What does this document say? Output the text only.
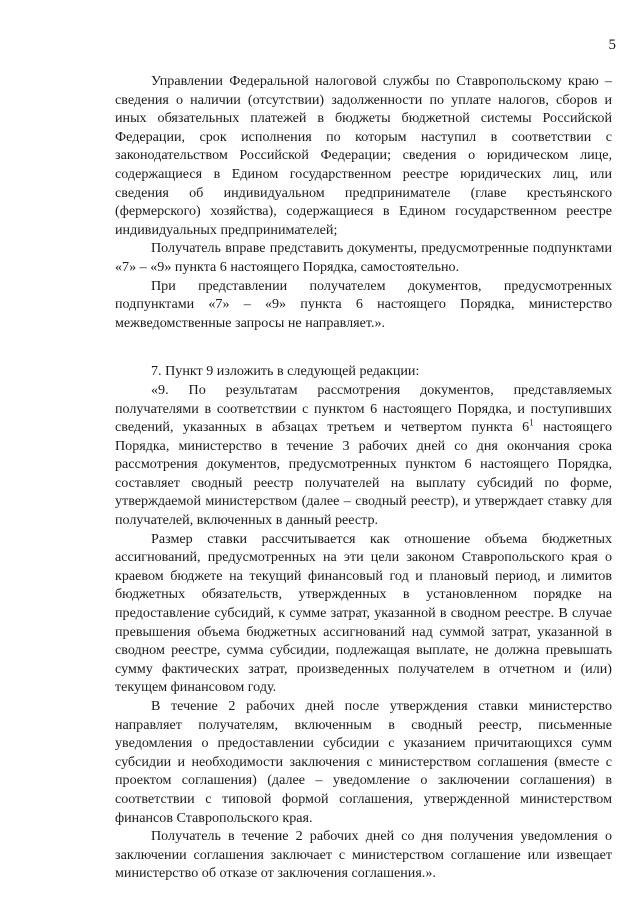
5

Управлении Федеральной налоговой службы по Ставропольскому краю – сведения о наличии (отсутствии) задолженности по уплате налогов, сборов и иных обязательных платежей в бюджеты бюджетной системы Российской Федерации, срок исполнения по которым наступил в соответствии с законодательством Российской Федерации; сведения о юридическом лице, содержащиеся в Едином государственном реестре юридических лиц, или сведения об индивидуальном предпринимателе (главе крестьянского (фермерского) хозяйства), содержащиеся в Едином государственном реестре индивидуальных предпринимателей;

Получатель вправе представить документы, предусмотренные подпунктами «7» – «9» пункта 6 настоящего Порядка, самостоятельно.

При представлении получателем документов, предусмотренных подпунктами «7» – «9» пункта 6 настоящего Порядка, министерство межведомственные запросы не направляет.».

7. Пункт 9 изложить в следующей редакции:

«9. По результатам рассмотрения документов, представляемых получателями в соответствии с пунктом 6 настоящего Порядка, и поступивших сведений, указанных в абзацах третьем и четвертом пункта $6^1$ настоящего Порядка, министерство в течение 3 рабочих дней со дня окончания срока рассмотрения документов, предусмотренных пунктом 6 настоящего Порядка, составляет сводный реестр получателей на выплату субсидий по форме, утверждаемой министерством (далее – сводный реестр), и утверждает ставку для получателей, включенных в данный реестр.

Размер ставки рассчитывается как отношение объема бюджетных ассигнований, предусмотренных на эти цели законом Ставропольского края о краевом бюджете на текущий финансовый год и плановый период, и лимитов бюджетных обязательств, утвержденных в установленном порядке на предоставление субсидий, к сумме затрат, указанной в сводном реестре. В случае превышения объема бюджетных ассигнований над суммой затрат, указанной в сводном реестре, сумма субсидии, подлежащая выплате, не должна превышать сумму фактических затрат, произведенных получателем в отчетном и (или) текущем финансовом году.

В течение 2 рабочих дней после утверждения ставки министерство направляет получателям, включенным в сводный реестр, письменные уведомления о предоставлении субсидии с указанием причитающихся сумм субсидии и необходимости заключения с министерством соглашения (вместе с проектом соглашения) (далее – уведомление о заключении соглашения) в соответствии с типовой формой соглашения, утвержденной министерством финансов Ставропольского края.

Получатель в течение 2 рабочих дней со дня получения уведомления о заключении соглашения заключает с министерством соглашение или извещает министерство об отказе от заключения соглашения.».
